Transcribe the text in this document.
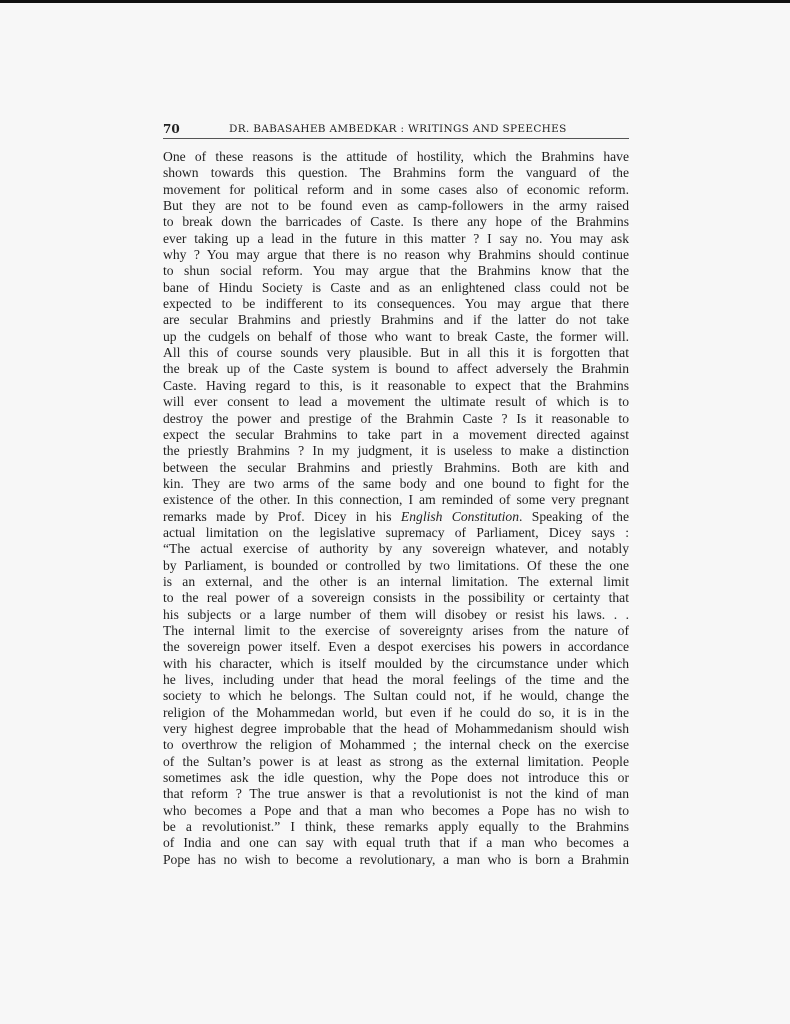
70	DR. BABASAHEB AMBEDKAR : WRITINGS AND SPEECHES

One of these reasons is the attitude of hostility, which the Brahmins have
shown towards this question. The Brahmins form the vanguard of the
movement for political reform and in some cases also of economic reform.
But they are not to be found even as camp-followers in the army raised
to break down the barricades of Caste. Is there any hope of the Brahmins
ever taking up a lead in the future in this matter ? I say no. You may ask
why ? You may argue that there is no reason why Brahmins should continue
to shun social reform. You may argue that the Brahmins know that the
bane of Hindu Society is Caste and as an enlightened class could not be
expected to be indifferent to its consequences. You may argue that there
are secular Brahmins and priestly Brahmins and if the latter do not take
up the cudgels on behalf of those who want to break Caste, the former will.
All this of course sounds very plausible. But in all this it is forgotten that
the break up of the Caste system is bound to affect adversely the Brahmin
Caste. Having regard to this, is it reasonable to expect that the Brahmins
will ever consent to lead a movement the ultimate result of which is to
destroy the power and prestige of the Brahmin Caste ? Is it reasonable to
expect the secular Brahmins to take part in a movement directed against
the priestly Brahmins ? In my judgment, it is useless to make a distinction
between the secular Brahmins and priestly Brahmins. Both are kith and
kin. They are two arms of the same body and one bound to fight for the
existence of the other. In this connection, I am reminded of some very pregnant
remarks made by Prof. Dicey in his English Constitution. Speaking of the
actual limitation on the legislative supremacy of Parliament, Dicey says :
“The actual exercise of authority by any sovereign whatever, and notably
by Parliament, is bounded or controlled by two limitations. Of these the one
is an external, and the other is an internal limitation. The external limit
to the real power of a sovereign consists in the possibility or certainty that
his subjects or a large number of them will disobey or resist his laws. . .
The internal limit to the exercise of sovereignty arises from the nature of
the sovereign power itself. Even a despot exercises his powers in accordance
with his character, which is itself moulded by the circumstance under which
he lives, including under that head the moral feelings of the time and the
society to which he belongs. The Sultan could not, if he would, change the
religion of the Mohammedan world, but even if he could do so, it is in the
very highest degree improbable that the head of Mohammedanism should wish
to overthrow the religion of Mohammed ; the internal check on the exercise
of the Sultan’s power is at least as strong as the external limitation. People
sometimes ask the idle question, why the Pope does not introduce this or
that reform ? The true answer is that a revolutionist is not the kind of man
who becomes a Pope and that a man who becomes a Pope has no wish to
be a revolutionist.” I think, these remarks apply equally to the Brahmins
of India and one can say with equal truth that if a man who becomes a
Pope has no wish to become a revolutionary, a man who is born a Brahmin
